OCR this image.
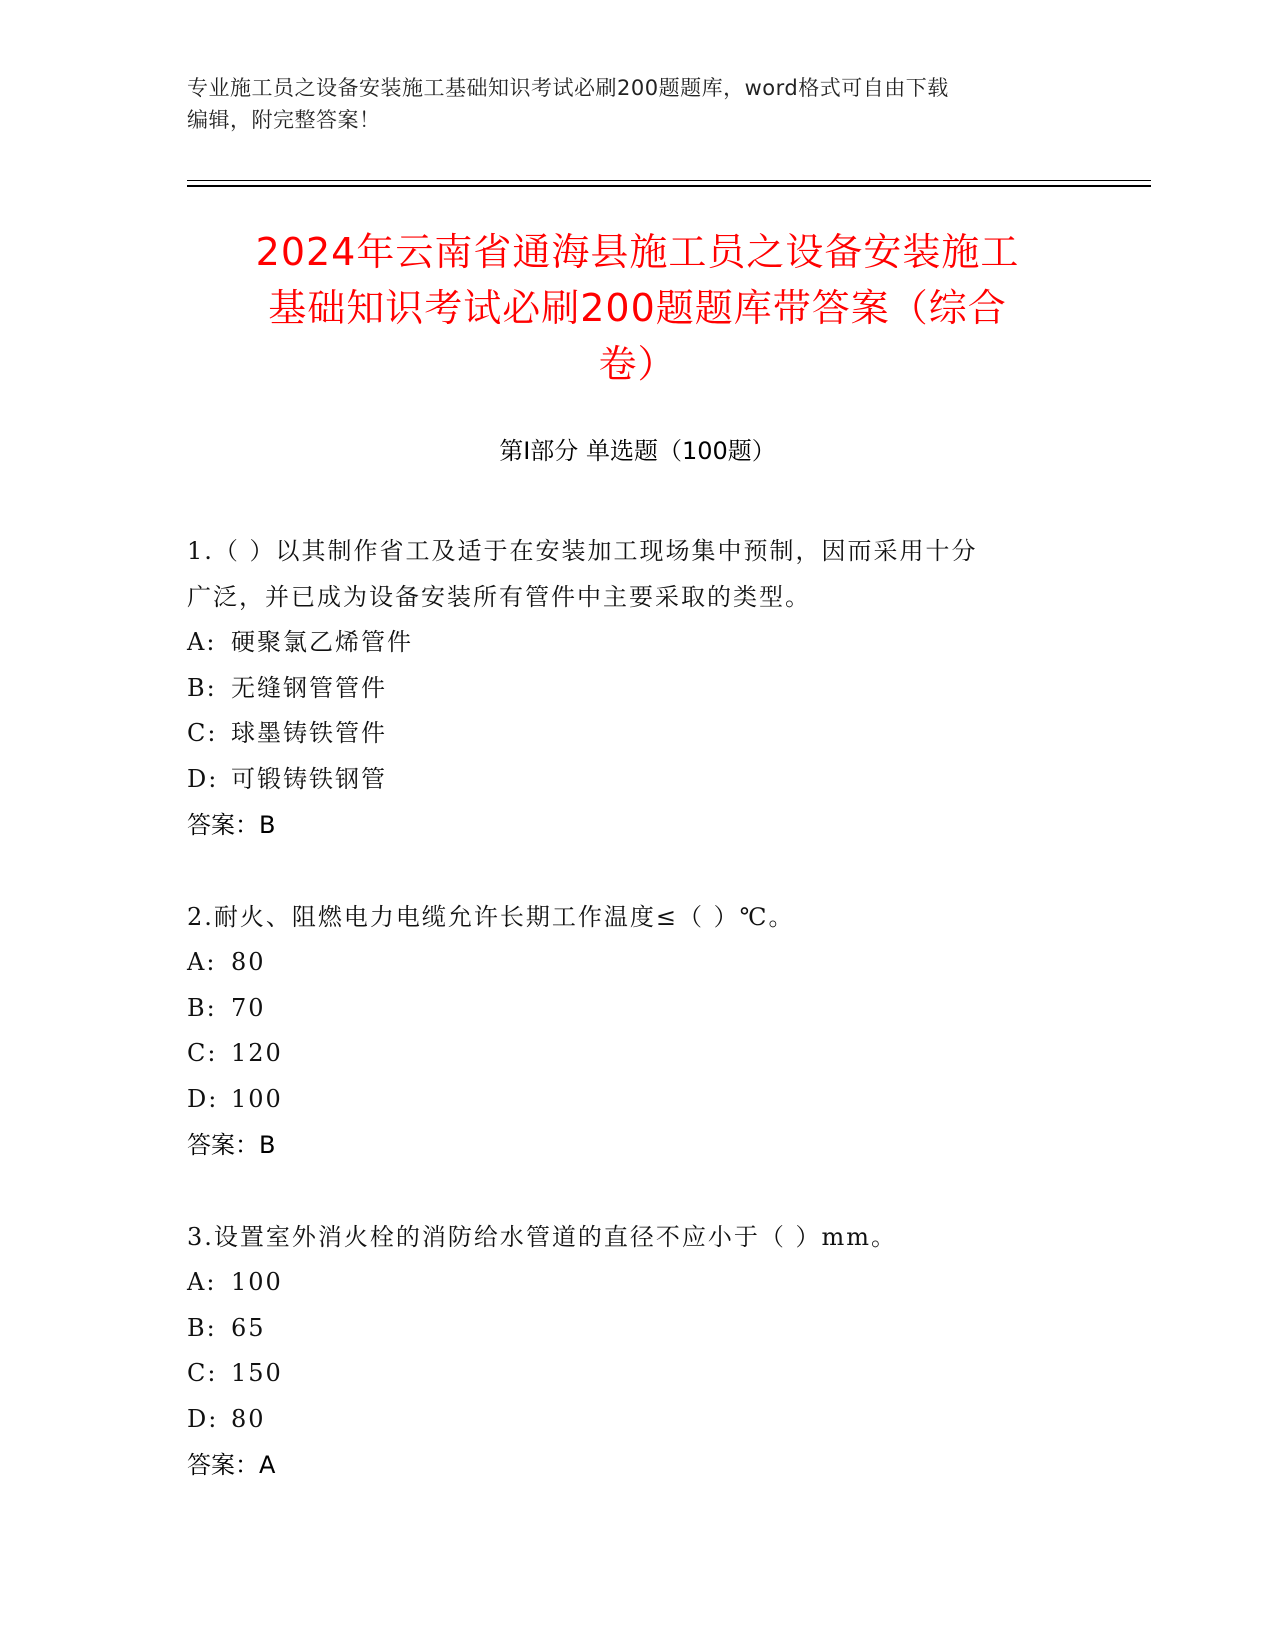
专业施工员之设备安装施工基础知识考试必刷200题题库，word格式可自由下载
编辑，附完整答案！
2024年云南省通海县施工员之设备安装施工
基础知识考试必刷200题题库带答案（综合
卷）
第Ⅰ部分 单选题（100题）
1.（ ）以其制作省工及适于在安装加工现场集中预制，因而采用十分
广泛，并已成为设备安装所有管件中主要采取的类型。
A: 硬聚氯乙烯管件
B: 无缝钢管管件
C: 球墨铸铁管件
D: 可锻铸铁钢管
答案：B
2.耐火、阻燃电力电缆允许长期工作温度≤（ ）℃。
A: 80
B: 70
C: 120
D: 100
答案：B
3.设置室外消火栓的消防给水管道的直径不应小于（ ）mm。
A: 100
B: 65
C: 150
D: 80
答案：A
